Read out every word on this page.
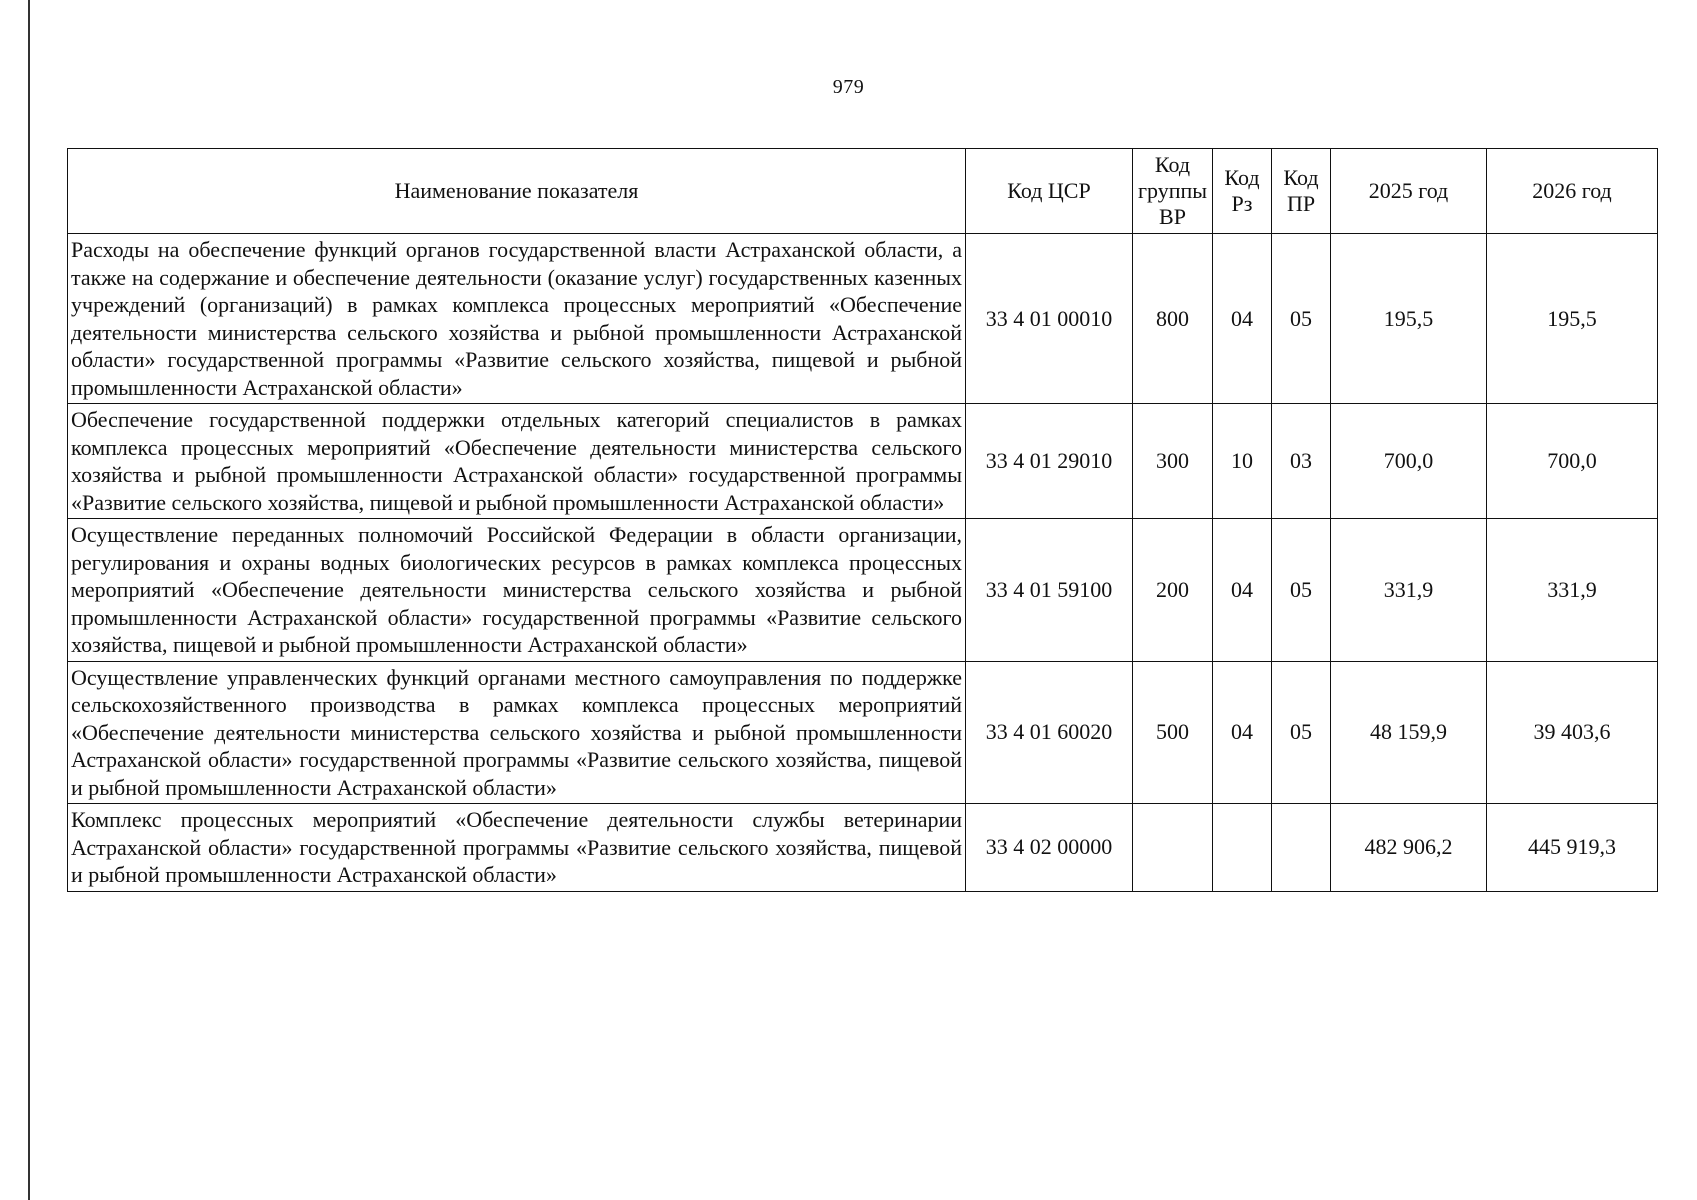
979
Наименование показателя	Код ЦСР	Код группы ВР	Код Рз	Код ПР	2025 год	2026 год
Расходы на обеспечение функций органов государственной власти Астраханской области, а также на содержание и обеспечение деятельности (оказание услуг) государственных казенных учреждений (организаций) в рамках комплекса процессных мероприятий «Обеспечение деятельности министерства сельского хозяйства и рыбной промышленности Астраханской области» государственной программы «Развитие сельского хозяйства, пищевой и рыбной промышленности Астраханской области»	33 4 01 00010	800	04	05	195,5	195,5
Обеспечение государственной поддержки отдельных категорий специалистов в рамках комплекса процессных мероприятий «Обеспечение деятельности министерства сельского хозяйства и рыбной промышленности Астраханской области» государственной программы «Развитие сельского хозяйства, пищевой и рыбной промышленности Астраханской области»	33 4 01 29010	300	10	03	700,0	700,0
Осуществление переданных полномочий Российской Федерации в области организации, регулирования и охраны водных биологических ресурсов в рамках комплекса процессных мероприятий «Обеспечение деятельности министерства сельского хозяйства и рыбной промышленности Астраханской области» государственной программы «Развитие сельского хозяйства, пищевой и рыбной промышленности Астраханской области»	33 4 01 59100	200	04	05	331,9	331,9
Осуществление управленческих функций органами местного самоуправления по поддержке сельскохозяйственного производства в рамках комплекса процессных мероприятий «Обеспечение деятельности министерства сельского хозяйства и рыбной промышленности Астраханской области» государственной программы «Развитие сельского хозяйства, пищевой и рыбной промышленности Астраханской области»	33 4 01 60020	500	04	05	48 159,9	39 403,6
Комплекс процессных мероприятий «Обеспечение деятельности службы ветеринарии Астраханской области» государственной программы «Развитие сельского хозяйства, пищевой и рыбной промышленности Астраханской области»	33 4 02 00000				482 906,2	445 919,3
